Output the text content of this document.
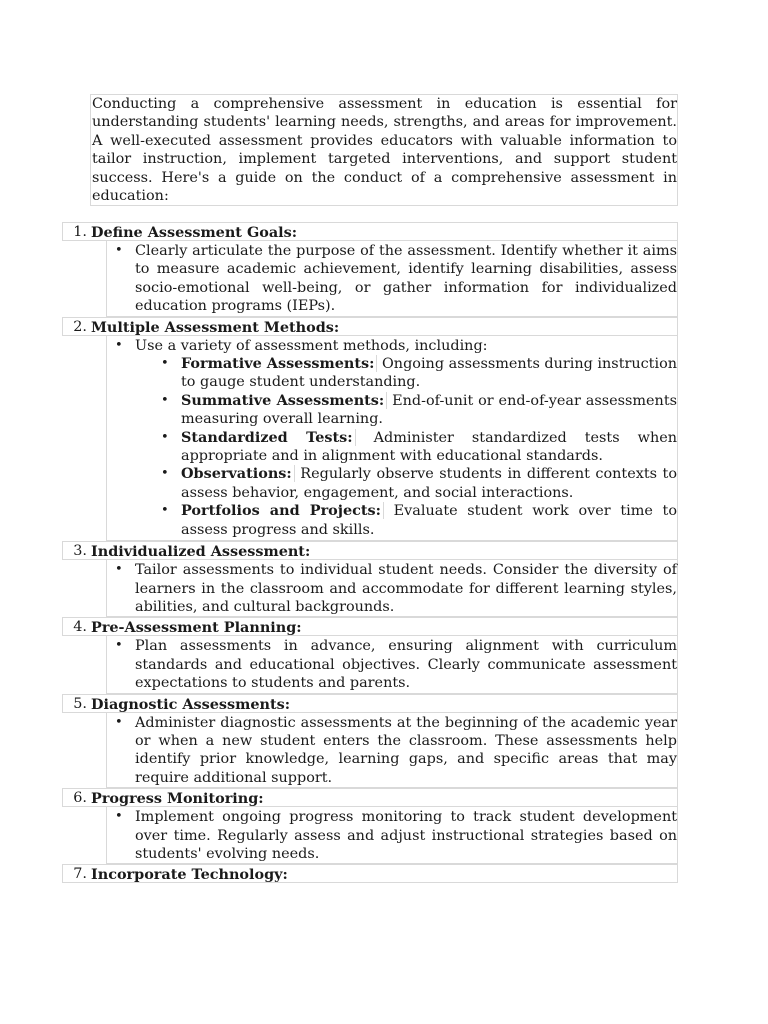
Conducting a comprehensive assessment in education is essential for understanding students' learning needs, strengths, and areas for improvement. A well-executed assessment provides educators with valuable information to tailor instruction, implement targeted interventions, and support student success. Here's a guide on the conduct of a comprehensive assessment in education:
1. Define Assessment Goals:
• Clearly articulate the purpose of the assessment. Identify whether it aims to measure academic achievement, identify learning disabilities, assess socio-emotional well-being, or gather information for individualized education programs (IEPs).
2. Multiple Assessment Methods:
• Use a variety of assessment methods, including:
• Formative Assessments: Ongoing assessments during instruction to gauge student understanding.
• Summative Assessments: End-of-unit or end-of-year assessments measuring overall learning.
• Standardized Tests: Administer standardized tests when appropriate and in alignment with educational standards.
• Observations: Regularly observe students in different contexts to assess behavior, engagement, and social interactions.
• Portfolios and Projects: Evaluate student work over time to assess progress and skills.
3. Individualized Assessment:
• Tailor assessments to individual student needs. Consider the diversity of learners in the classroom and accommodate for different learning styles, abilities, and cultural backgrounds.
4. Pre-Assessment Planning:
• Plan assessments in advance, ensuring alignment with curriculum standards and educational objectives. Clearly communicate assessment expectations to students and parents.
5. Diagnostic Assessments:
• Administer diagnostic assessments at the beginning of the academic year or when a new student enters the classroom. These assessments help identify prior knowledge, learning gaps, and specific areas that may require additional support.
6. Progress Monitoring:
• Implement ongoing progress monitoring to track student development over time. Regularly assess and adjust instructional strategies based on students' evolving needs.
7. Incorporate Technology:
